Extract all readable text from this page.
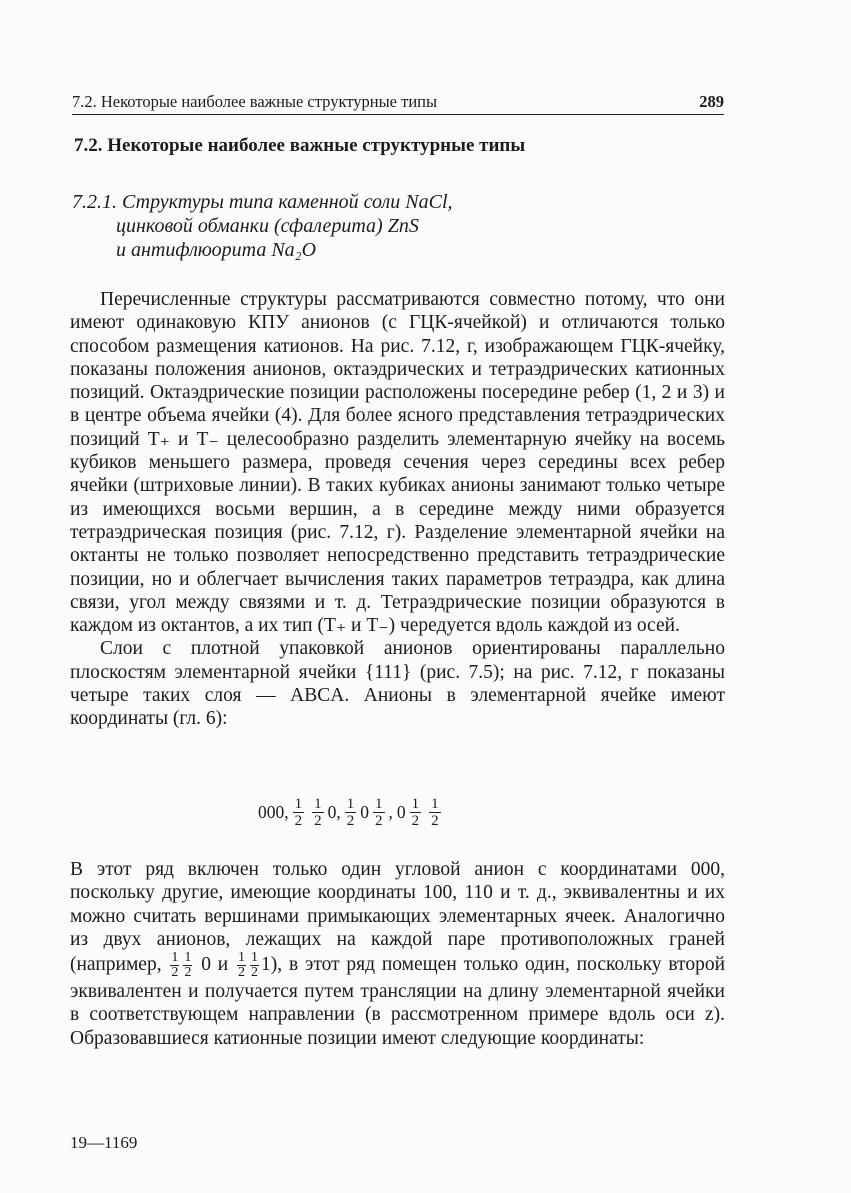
7.2. Некоторые наиболее важные структурные типы	289
7.2. Некоторые наиболее важные структурные типы
7.2.1. Структуры типа каменной соли NaCl,
цинковой обманки (сфалерита) ZnS
и антифлюорита Na₂O

Перечисленные структуры рассматриваются совместно потому, что они имеют одинаковую КПУ анионов (с ГЦК-ячейкой) и отличаются только способом размещения катионов. На рис. 7.12, г, изображающем ГЦК-ячейку, показаны положения анионов, октаэдрических и тетраэдрических катионных позиций. Октаэдрические позиции расположены посередине ребер (1, 2 и 3) и в центре объема ячейки (4). Для более ясного представления тетраэдрических позиций T₊ и T₋ целесообразно разделить элементарную ячейку на восемь кубиков меньшего размера, проведя сечения через середины всех ребер ячейки (штриховые линии). В таких кубиках анионы занимают только четыре из имеющихся восьми вершин, а в середине между ними образуется тетраэдрическая позиция (рис. 7.12, г). Разделение элементарной ячейки на октанты не только позволяет непосредственно представить тетраэдрические позиции, но и облегчает вычисления таких параметров тетраэдра, как длина связи, угол между связями и т. д. Тетраэдрические позиции образуются в каждом из октантов, а их тип (T₊ и T₋) чередуется вдоль каждой из осей.

Слои с плотной упаковкой анионов ориентированы параллельно плоскостям элементарной ячейки {111} (рис. 7.5); на рис. 7.12, г показаны четыре таких слоя — ABCA. Анионы в элементарной ячейке имеют координаты (гл. 6):

000, $\frac{1}{2} \frac{1}{2} 0$, $\frac{1}{2} 0 \frac{1}{2}$ , $0 \frac{1}{2} \frac{1}{2}$

В этот ряд включен только один угловой анион с координатами 000, поскольку другие, имеющие координаты 100, 110 и т. д., эквивалентны и их можно считать вершинами примыкающих элементарных ячеек. Аналогично из двух анионов, лежащих на каждой паре противоположных граней (например, $\frac{1}{2} \frac{1}{2} 0$ и $\frac{1}{2} \frac{1}{2} 1$), в этот ряд помещен только один, поскольку второй эквивалентен и получается путем трансляции на длину элементарной ячейки в соответствующем направлении (в рассмотренном примере вдоль оси z). Образовавшиеся катионные позиции имеют следующие координаты:

19—1169
